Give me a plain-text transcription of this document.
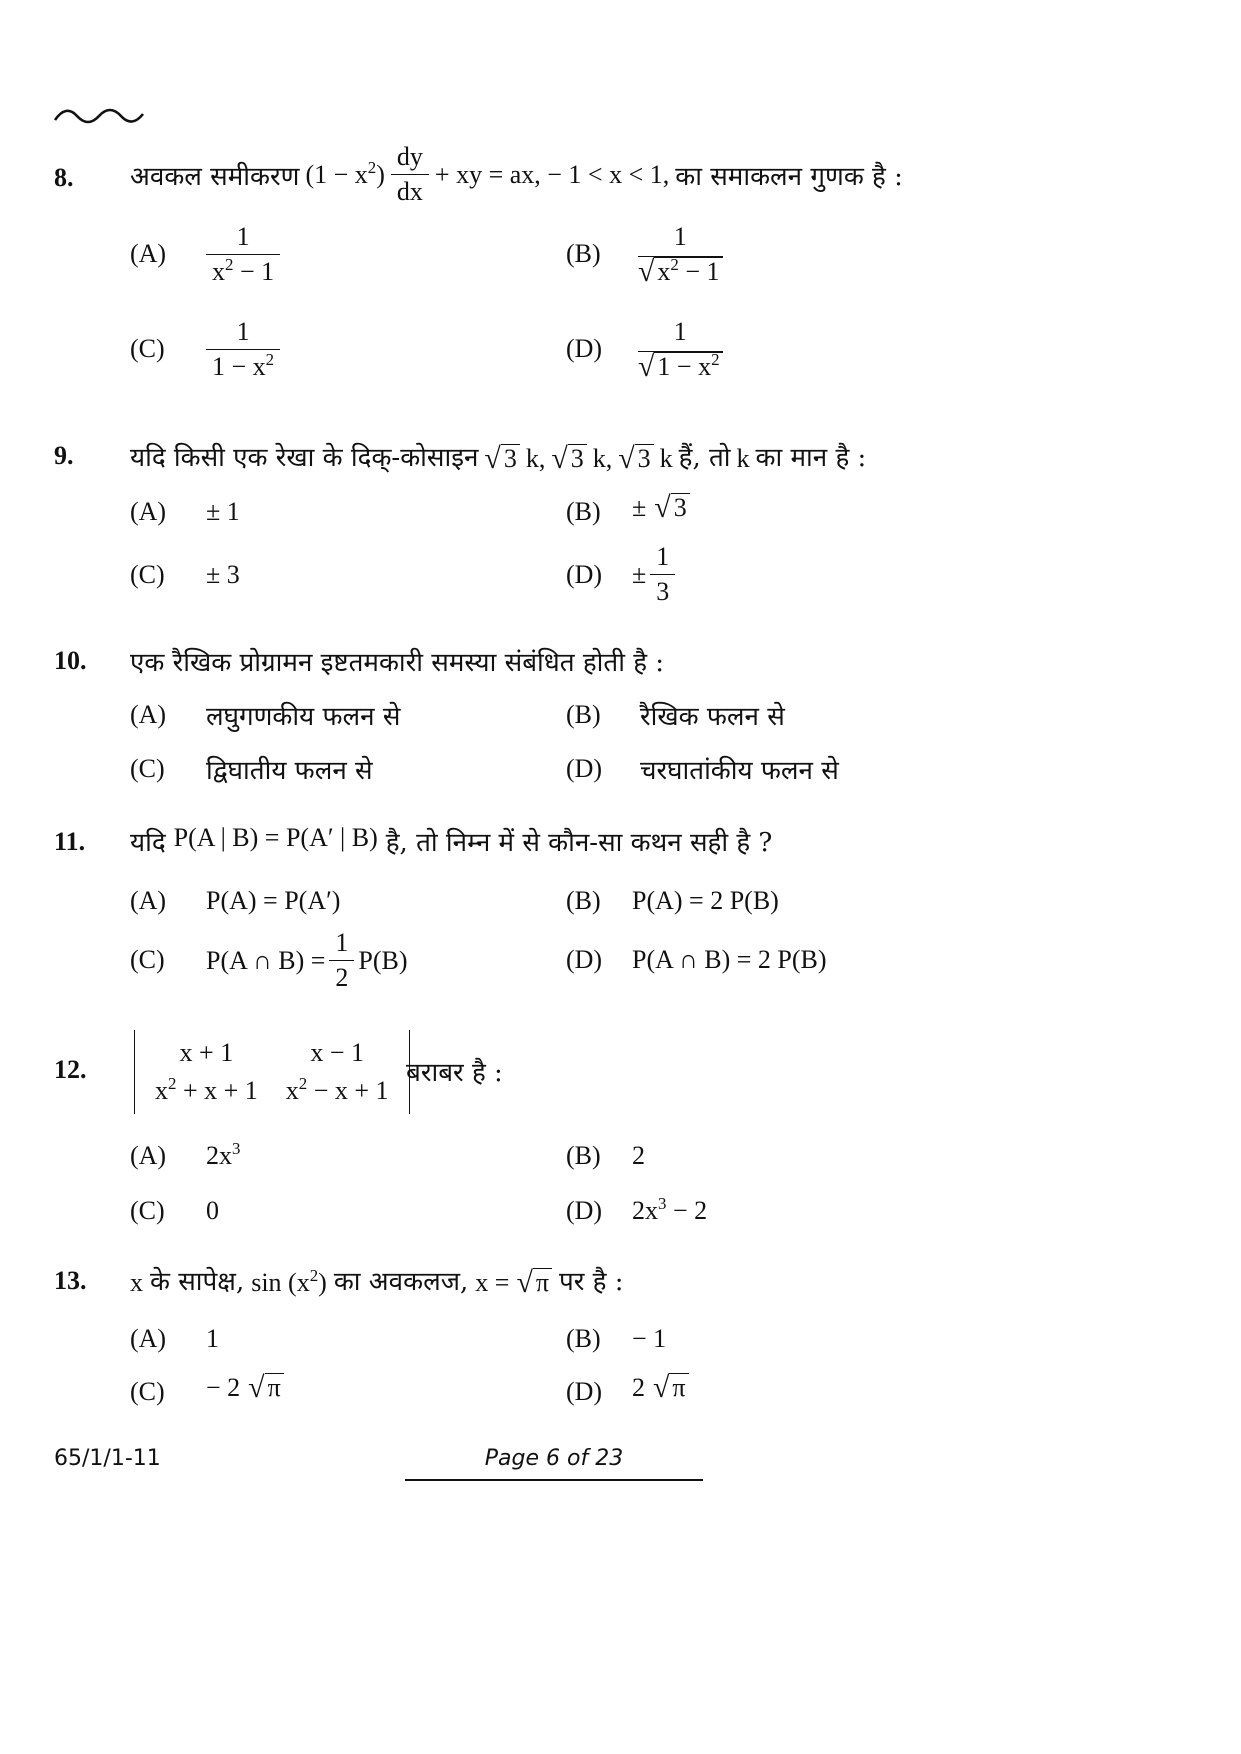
8. अवकल समीकरण $(1 - x^2) \frac{dy}{dx}$ + xy = ax, − 1 < x < 1, का समाकलन गुणक है :
$(A) \frac{1}{x^2 - 1}$	(B)
1
√ $x^2 - 1$
$(C) \frac{1}{1 - x^2}$	(D)
1
√ $1 - x^2$
9. यदि किसी एक रेखा के दिक्-कोसाइन √ 3 k, √ 3 k, √ 3 k हैं, तो k का मान है :
(A) ± 1	(B) ± √ 3
(C) ± 3	$(D) \pm \frac{1}{3}$
10. एक रैखिक प्रोग्रामन इष्टतमकारी समस्या संबंधित होती है :
(A) लघुगणकीय फलन से	(B) रैखिक फलन से
(C) द्विघातीय फलन से	(D) चरघातांकीय फलन से
11. यदि P(A | B) = P(A′ | B) है, तो निम्न में से कौन-सा कथन सही है ?
(A) P(A) = P(A′)	(B) P(A) = 2 P(B)
(C) P(A ∩ $B) = \frac{1}{2} P(B)$	(D) P(A ∩ B) = 2 P(B)
12.
x + 1	x − 1
$x^2 + x + 1$	$x^2 - x + 1$
बराबर है :
(A) $2x^3$	(B) 2
(C) 0	(D) $2x^3 - 2$
13. x के सापेक्ष, $\sin (x^2)$ का अवकलज, x = √ π पर है :
(A) 1	(B) − 1
(C) − 2 √ π	(D) 2 √ π
65/1/1-11	Page 6 of 23
